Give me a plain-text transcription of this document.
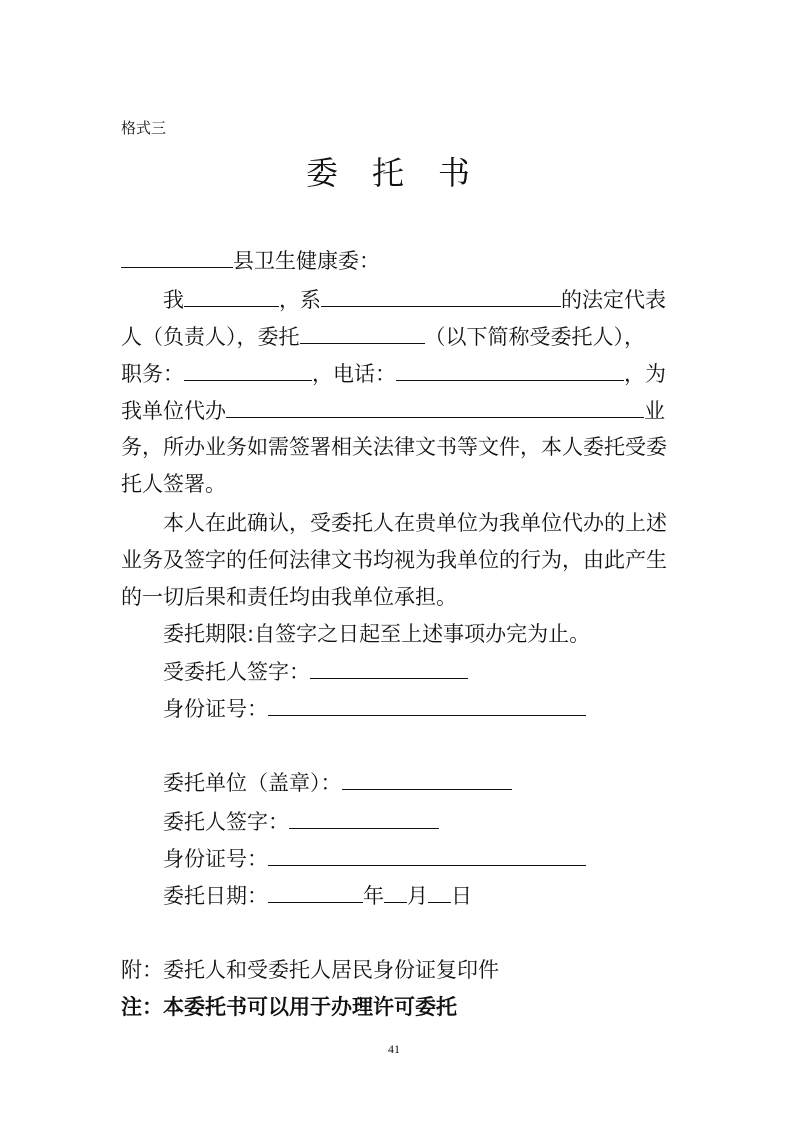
格式三
委托书
县卫生健康委：
我	，系	的法定代表
人（负责人），委托	（以下简称受委托人），
职务：	，电话：	，为
我单位代办	业
务，所办业务如需签署相关法律文书等文件，本人委托受委
托人签署。
本人在此确认，受委托人在贵单位为我单位代办的上述
业务及签字的任何法律文书均视为我单位的行为，由此产生
的一切后果和责任均由我单位承担。
委托期限:自签字之日起至上述事项办完为止。
受委托人签字：
身份证号：
委托单位（盖章）：
委托人签字：
身份证号：
委托日期：	年 月 日
附：委托人和受委托人居民身份证复印件
注：本委托书可以用于办理许可委托
41
